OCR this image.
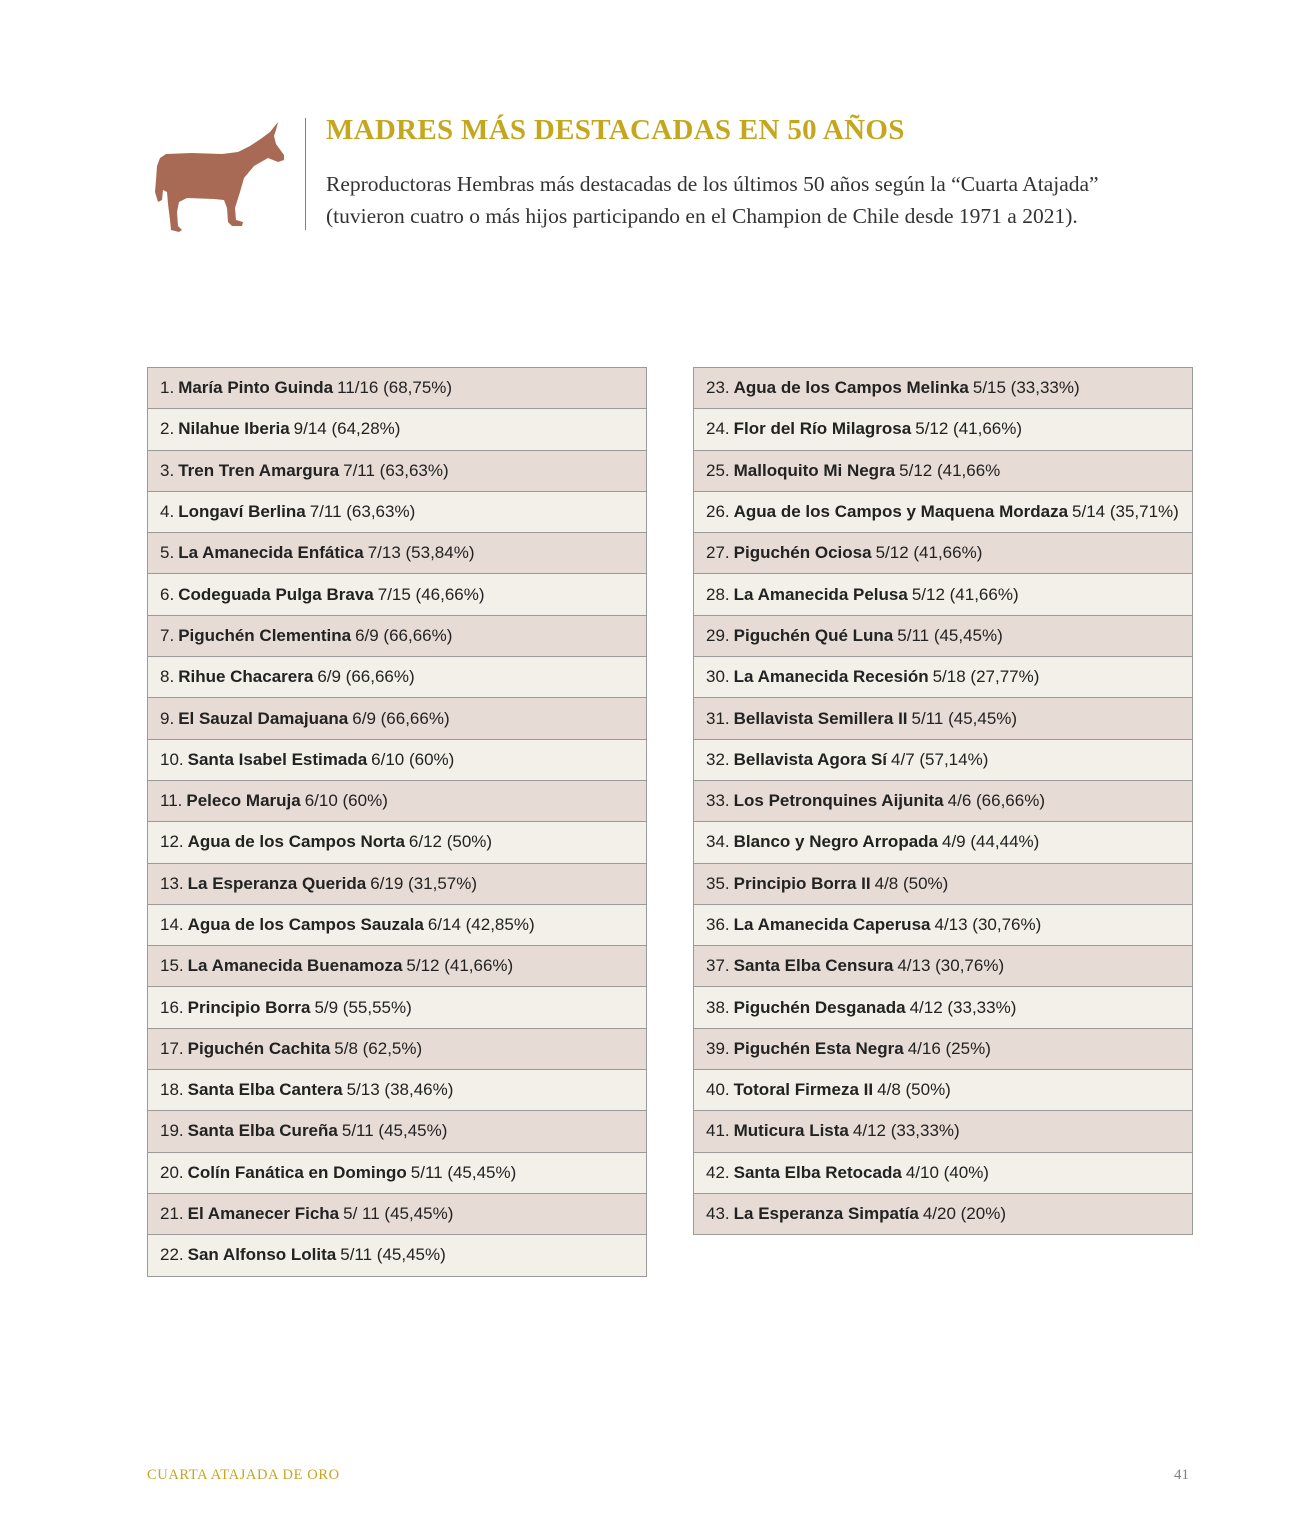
MADRES MÁS DESTACADAS EN 50 AÑOS

Reproductoras Hembras más destacadas de los últimos 50 años según la “Cuarta Atajada”
(tuvieron cuatro o más hijos participando en el Champion de Chile desde 1971 a 2021).

1. María Pinto Guinda 11/16 (68,75%)
2. Nilahue Iberia 9/14 (64,28%)
3. Tren Tren Amargura 7/11 (63,63%)
4. Longaví Berlina 7/11 (63,63%)
5. La Amanecida Enfática 7/13 (53,84%)
6. Codeguada Pulga Brava 7/15 (46,66%)
7. Piguchén Clementina 6/9 (66,66%)
8. Rihue Chacarera 6/9 (66,66%)
9. El Sauzal Damajuana 6/9 (66,66%)
10. Santa Isabel Estimada 6/10 (60%)
11. Peleco Maruja 6/10 (60%)
12. Agua de los Campos Norta 6/12 (50%)
13. La Esperanza Querida 6/19 (31,57%)
14. Agua de los Campos Sauzala 6/14 (42,85%)
15. La Amanecida Buenamoza 5/12 (41,66%)
16. Principio Borra 5/9 (55,55%)
17. Piguchén Cachita 5/8 (62,5%)
18. Santa Elba Cantera 5/13 (38,46%)
19. Santa Elba Cureña 5/11 (45,45%)
20. Colín Fanática en Domingo 5/11 (45,45%)
21. El Amanecer Ficha 5/ 11 (45,45%)
22. San Alfonso Lolita 5/11 (45,45%)
23. Agua de los Campos Melinka 5/15 (33,33%)
24. Flor del Río Milagrosa 5/12 (41,66%)
25. Malloquito Mi Negra 5/12 (41,66%
26. Agua de los Campos y Maquena Mordaza 5/14 (35,71%)
27. Piguchén Ociosa 5/12 (41,66%)
28. La Amanecida Pelusa 5/12 (41,66%)
29. Piguchén Qué Luna 5/11 (45,45%)
30. La Amanecida Recesión 5/18 (27,77%)
31. Bellavista Semillera II 5/11 (45,45%)
32. Bellavista Agora Sí 4/7 (57,14%)
33. Los Petronquines Aijunita 4/6 (66,66%)
34. Blanco y Negro Arropada 4/9 (44,44%)
35. Principio Borra II 4/8 (50%)
36. La Amanecida Caperusa 4/13 (30,76%)
37. Santa Elba Censura 4/13 (30,76%)
38. Piguchén Desganada 4/12 (33,33%)
39. Piguchén Esta Negra 4/16 (25%)
40. Totoral Firmeza II 4/8 (50%)
41. Muticura Lista 4/12 (33,33%)
42. Santa Elba Retocada 4/10 (40%)
43. La Esperanza Simpatía 4/20 (20%)
CUARTA ATAJADA DE ORO	41
